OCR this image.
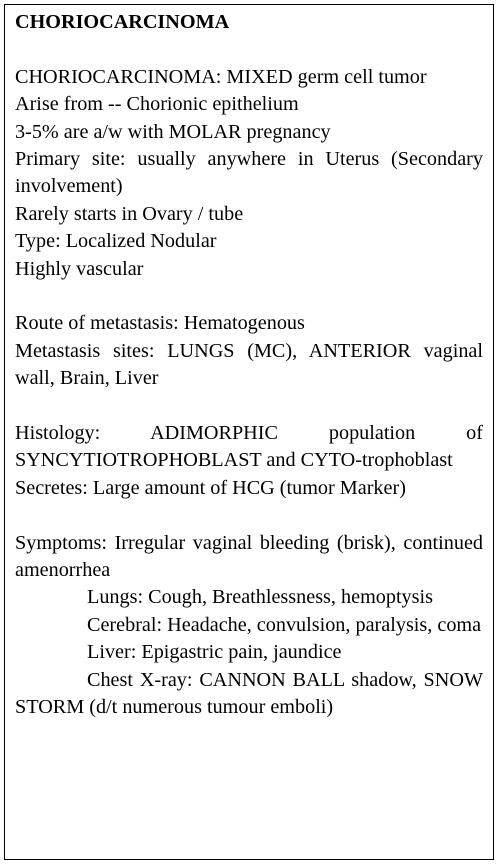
CHORIOCARCINOMA

CHORIOCARCINOMA: MIXED germ cell tumor

Arise from -- Chorionic epithelium

3-5% are a/w with MOLAR pregnancy

Primary site: usually anywhere in Uterus (Secondary involvement)

Rarely starts in Ovary / tube

Type: Localized Nodular

Highly vascular

Route of metastasis: Hematogenous

Metastasis sites: LUNGS (MC), ANTERIOR vaginal wall, Brain, Liver

Histology: ADIMORPHIC population of SYNCYTIOTROPHOBLAST and CYTO-trophoblast

Secretes: Large amount of HCG (tumor Marker)

Symptoms: Irregular vaginal bleeding (brisk), continued amenorrhea

Lungs: Cough, Breathlessness, hemoptysis

Cerebral: Headache, convulsion, paralysis, coma

Liver: Epigastric pain, jaundice

Chest X-ray: CANNON BALL shadow, SNOW STORM (d/t numerous tumour emboli)
